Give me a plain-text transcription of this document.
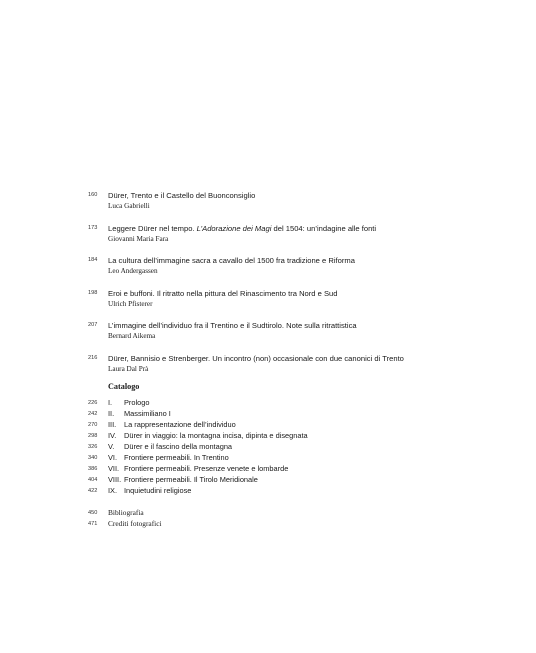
160	Dürer, Trento e il Castello del Buonconsiglio
Luca Gabrielli
173	Leggere Dürer nel tempo. L’Adorazione dei Magi del 1504: un’indagine alle fonti
Giovanni Maria Fara
184	La cultura dell’immagine sacra a cavallo del 1500 fra tradizione e Riforma
Leo Andergassen
198	Eroi e buffoni. Il ritratto nella pittura del Rinascimento tra Nord e Sud
Ulrich Pfisterer
207	L’immagine dell’individuo fra il Trentino e il Sudtirolo. Note sulla ritrattistica
Bernard Aikema
216	Dürer, Bannisio e Strenberger. Un incontro (non) occasionale con due canonici di Trento
Laura Dal Prà
Catalogo
226	I.	Prologo
242	II.	Massimiliano I
270	III.	La rappresentazione dell’individuo
298	IV.	Dürer in viaggio: la montagna incisa, dipinta e disegnata
326	V.	Dürer e il fascino della montagna
340	VI. Frontiere permeabili. In Trentino
386	VII. Frontiere permeabili. Presenze venete e lombarde
404	VIII. Frontiere permeabili. Il Tirolo Meridionale
422	IX. Inquietudini religiose
450	Bibliografia
471	Crediti fotografici
